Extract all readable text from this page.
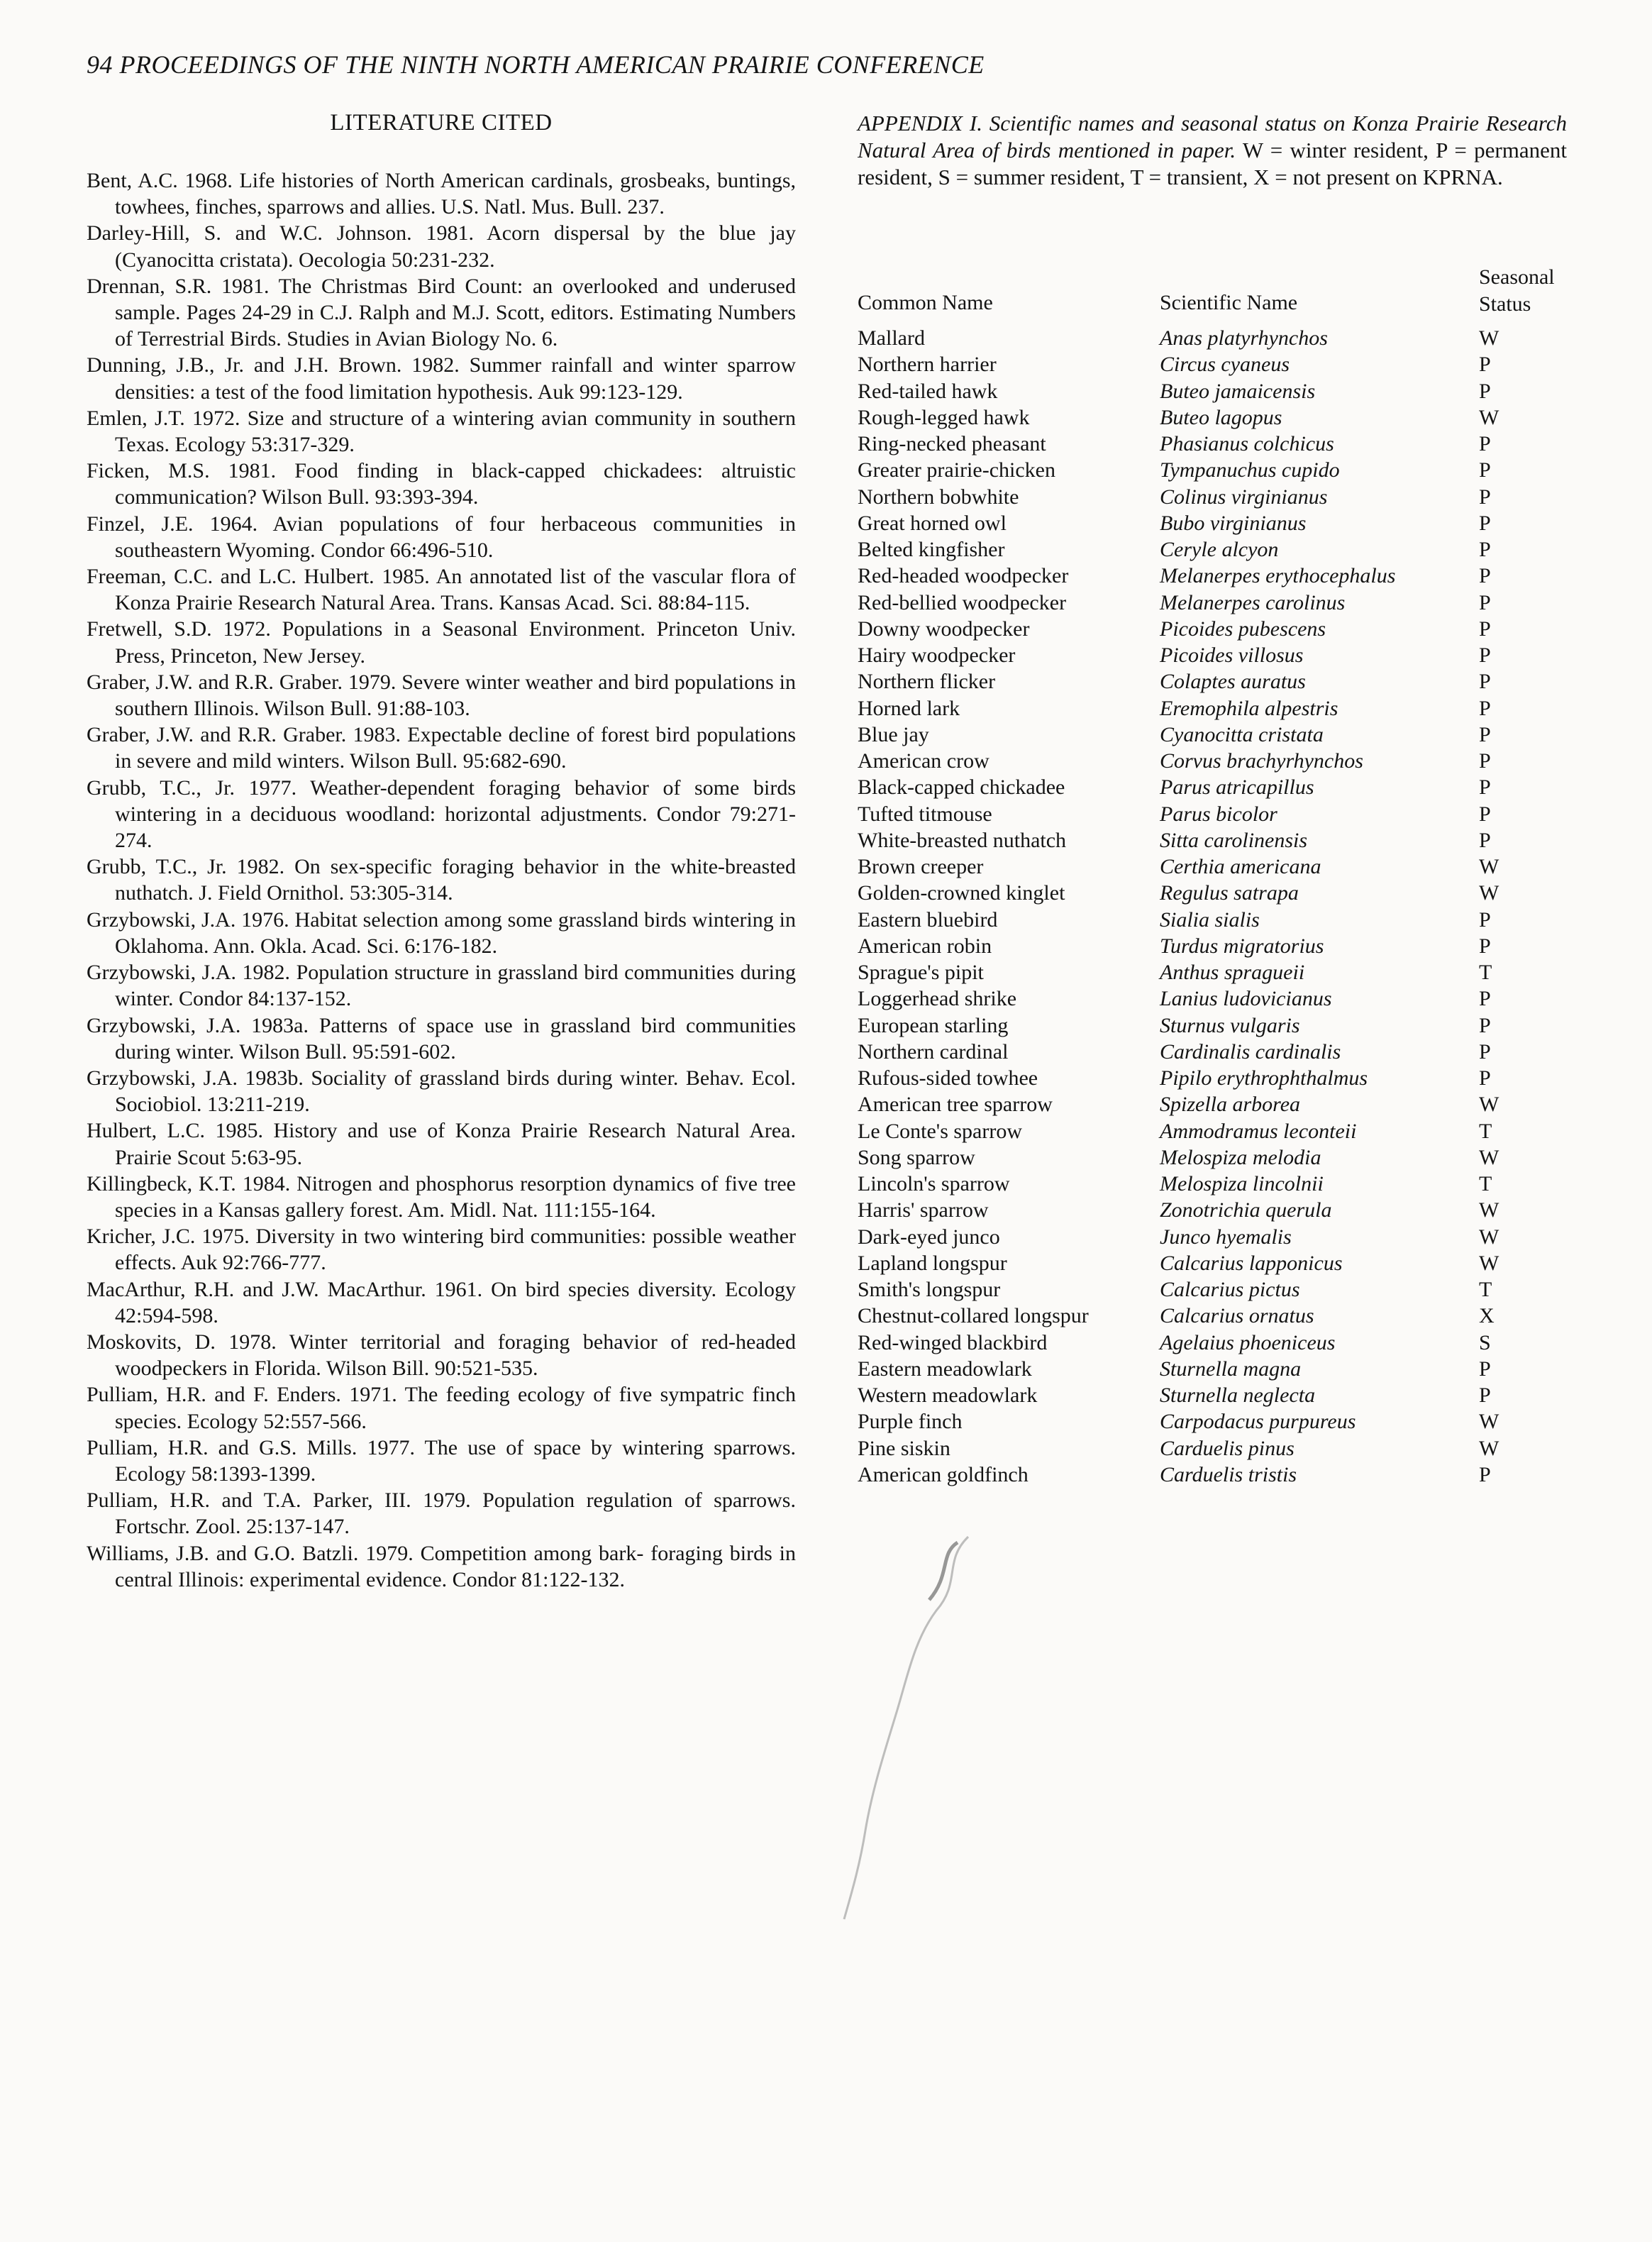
94 PROCEEDINGS OF THE NINTH NORTH AMERICAN PRAIRIE CONFERENCE
LITERATURE CITED
Bent, A.C. 1968. Life histories of North American cardinals, grosbeaks, buntings, towhees, finches, sparrows and allies. U.S. Natl. Mus. Bull. 237.
Darley-Hill, S. and W.C. Johnson. 1981. Acorn dispersal by the blue jay (Cyanocitta cristata). Oecologia 50:231-232.
Drennan, S.R. 1981. The Christmas Bird Count: an overlooked and underused sample. Pages 24-29 in C.J. Ralph and M.J. Scott, editors. Estimating Numbers of Terrestrial Birds. Studies in Avian Biology No. 6.
Dunning, J.B., Jr. and J.H. Brown. 1982. Summer rainfall and winter sparrow densities: a test of the food limitation hypothesis. Auk 99:123-129.
Emlen, J.T. 1972. Size and structure of a wintering avian community in southern Texas. Ecology 53:317-329.
Ficken, M.S. 1981. Food finding in black-capped chickadees: altruistic communication? Wilson Bull. 93:393-394.
Finzel, J.E. 1964. Avian populations of four herbaceous communities in southeastern Wyoming. Condor 66:496-510.
Freeman, C.C. and L.C. Hulbert. 1985. An annotated list of the vascular flora of Konza Prairie Research Natural Area. Trans. Kansas Acad. Sci. 88:84-115.
Fretwell, S.D. 1972. Populations in a Seasonal Environment. Princeton Univ. Press, Princeton, New Jersey.
Graber, J.W. and R.R. Graber. 1979. Severe winter weather and bird populations in southern Illinois. Wilson Bull. 91:88-103.
Graber, J.W. and R.R. Graber. 1983. Expectable decline of forest bird populations in severe and mild winters. Wilson Bull. 95:682-690.
Grubb, T.C., Jr. 1977. Weather-dependent foraging behavior of some birds wintering in a deciduous woodland: horizontal adjustments. Condor 79:271-274.
Grubb, T.C., Jr. 1982. On sex-specific foraging behavior in the white-breasted nuthatch. J. Field Ornithol. 53:305-314.
Grzybowski, J.A. 1976. Habitat selection among some grassland birds wintering in Oklahoma. Ann. Okla. Acad. Sci. 6:176-182.
Grzybowski, J.A. 1982. Population structure in grassland bird communities during winter. Condor 84:137-152.
Grzybowski, J.A. 1983a. Patterns of space use in grassland bird communities during winter. Wilson Bull. 95:591-602.
Grzybowski, J.A. 1983b. Sociality of grassland birds during winter. Behav. Ecol. Sociobiol. 13:211-219.
Hulbert, L.C. 1985. History and use of Konza Prairie Research Natural Area. Prairie Scout 5:63-95.
Killingbeck, K.T. 1984. Nitrogen and phosphorus resorption dynamics of five tree species in a Kansas gallery forest. Am. Midl. Nat. 111:155-164.
Kricher, J.C. 1975. Diversity in two wintering bird communities: possible weather effects. Auk 92:766-777.
MacArthur, R.H. and J.W. MacArthur. 1961. On bird species diversity. Ecology 42:594-598.
Moskovits, D. 1978. Winter territorial and foraging behavior of red-headed woodpeckers in Florida. Wilson Bill. 90:521-535.
Pulliam, H.R. and F. Enders. 1971. The feeding ecology of five sympatric finch species. Ecology 52:557-566.
Pulliam, H.R. and G.S. Mills. 1977. The use of space by wintering sparrows. Ecology 58:1393-1399.
Pulliam, H.R. and T.A. Parker, III. 1979. Population regulation of sparrows. Fortschr. Zool. 25:137-147.
Williams, J.B. and G.O. Batzli. 1979. Competition among bark- foraging birds in central Illinois: experimental evidence. Condor 81:122-132.

APPENDIX I. Scientific names and seasonal status on Konza Prairie Research Natural Area of birds mentioned in paper. W = winter resident, P = permanent resident, S = summer resident, T = transient, X = not present on KPRNA.

Common Name	Scientific Name
Seasonal
Status
Mallard	Anas platyrhynchos	W
Northern harrier	Circus cyaneus	P
Red-tailed hawk	Buteo jamaicensis	P
Rough-legged hawk	Buteo lagopus	W
Ring-necked pheasant	Phasianus colchicus	P
Greater prairie-chicken	Tympanuchus cupido	P
Northern bobwhite	Colinus virginianus	P
Great horned owl	Bubo virginianus	P
Belted kingfisher	Ceryle alcyon	P
Red-headed woodpecker	Melanerpes erythocephalus	P
Red-bellied woodpecker	Melanerpes carolinus	P
Downy woodpecker	Picoides pubescens	P
Hairy woodpecker	Picoides villosus	P
Northern flicker	Colaptes auratus	P
Horned lark	Eremophila alpestris	P
Blue jay	Cyanocitta cristata	P
American crow	Corvus brachyrhynchos	P
Black-capped chickadee	Parus atricapillus	P
Tufted titmouse	Parus bicolor	P
White-breasted nuthatch	Sitta carolinensis	P
Brown creeper	Certhia americana	W
Golden-crowned kinglet	Regulus satrapa	W
Eastern bluebird	Sialia sialis	P
American robin	Turdus migratorius	P
Sprague's pipit	Anthus spragueii	T
Loggerhead shrike	Lanius ludovicianus	P
European starling	Sturnus vulgaris	P
Northern cardinal	Cardinalis cardinalis	P
Rufous-sided towhee	Pipilo erythrophthalmus	P
American tree sparrow	Spizella arborea	W
Le Conte's sparrow	Ammodramus leconteii	T
Song sparrow	Melospiza melodia	W
Lincoln's sparrow	Melospiza lincolnii	T
Harris' sparrow	Zonotrichia querula	W
Dark-eyed junco	Junco hyemalis	W
Lapland longspur	Calcarius lapponicus	W
Smith's longspur	Calcarius pictus	T
Chestnut-collared longspur	Calcarius ornatus	X
Red-winged blackbird	Agelaius phoeniceus	S
Eastern meadowlark	Sturnella magna	P
Western meadowlark	Sturnella neglecta	P
Purple finch	Carpodacus purpureus	W
Pine siskin	Carduelis pinus	W
American goldfinch	Carduelis tristis	P
